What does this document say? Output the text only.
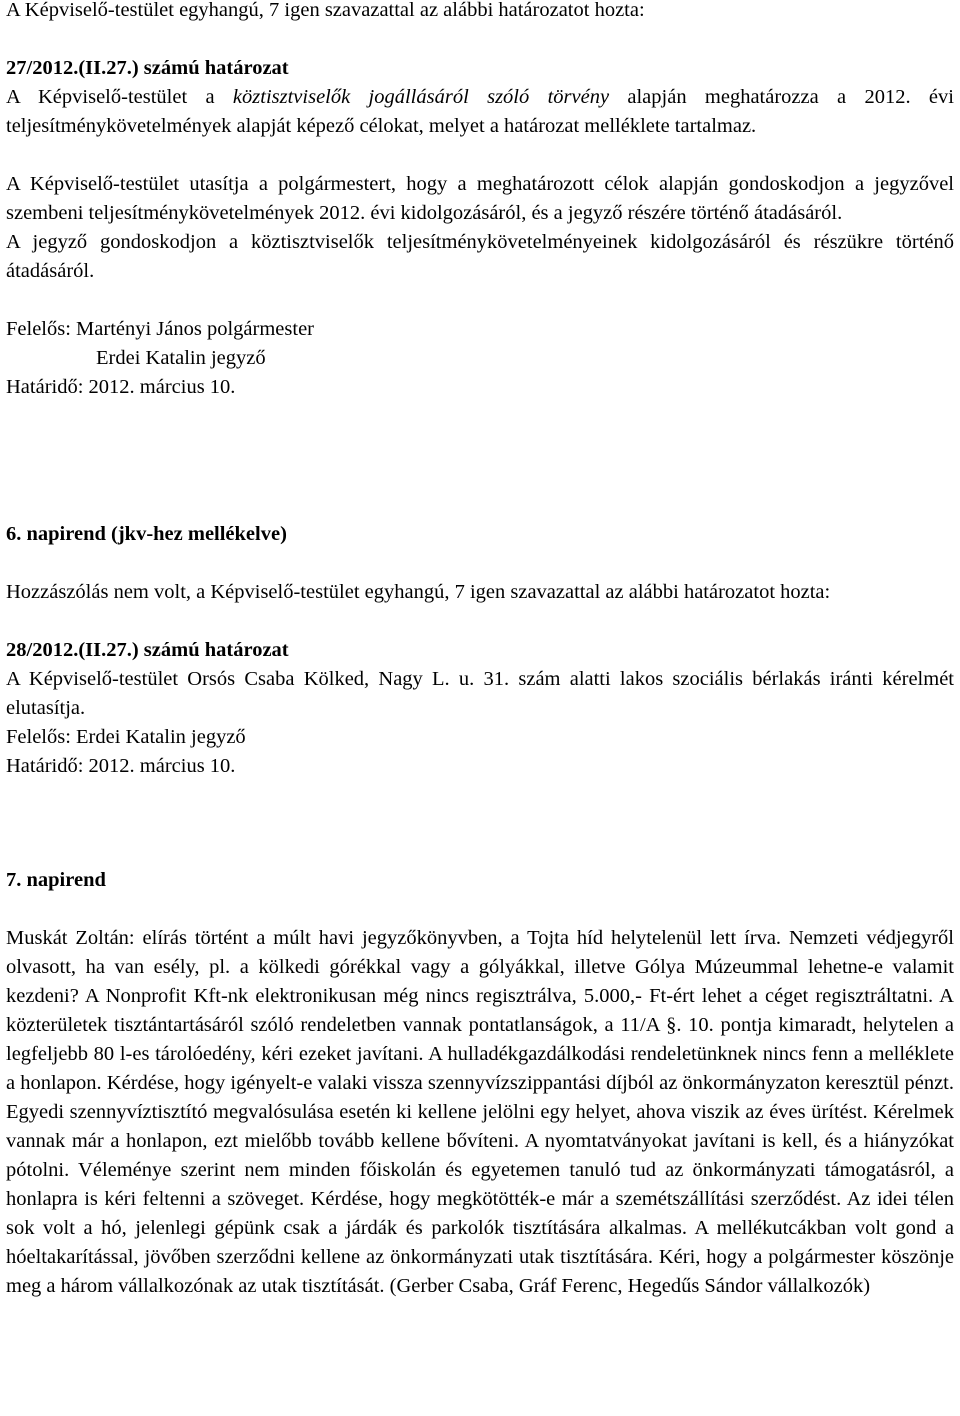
A Képviselő-testület egyhangú, 7 igen szavazattal az alábbi határozatot hozta:

27/2012.(II.27.) számú határozat

A Képviselő-testület a köztisztviselők jogállásáról szóló törvény alapján meghatározza a 2012. évi teljesítménykövetelmények alapját képező célokat, melyet a határozat melléklete tartalmaz.

A Képviselő-testület utasítja a polgármestert, hogy a meghatározott célok alapján gondoskodjon a jegyzővel szembeni teljesítménykövetelmények 2012. évi kidolgozásáról, és a jegyző részére történő átadásáról.

A jegyző gondoskodjon a köztisztviselők teljesítménykövetelményeinek kidolgozásáról és részükre történő átadásáról.

Felelős: Martényi János polgármester

Erdei Katalin jegyző

Határidő: 2012. március 10.

6. napirend (jkv-hez mellékelve)

Hozzászólás nem volt, a Képviselő-testület egyhangú, 7 igen szavazattal az alábbi határozatot hozta:

28/2012.(II.27.) számú határozat

A Képviselő-testület Orsós Csaba Kölked, Nagy L. u. 31. szám alatti lakos szociális bérlakás iránti kérelmét elutasítja.

Felelős: Erdei Katalin jegyző

Határidő: 2012. március 10.

7. napirend

Muskát Zoltán: elírás történt a múlt havi jegyzőkönyvben, a Tojta híd helytelenül lett írva. Nemzeti védjegyről olvasott, ha van esély, pl. a kölkedi górékkal vagy a gólyákkal, illetve Gólya Múzeummal lehetne-e valamit kezdeni? A Nonprofit Kft-nk elektronikusan még nincs regisztrálva, 5.000,- Ft-ért lehet a céget regisztráltatni. A közterületek tisztántartásáról szóló rendeletben vannak pontatlanságok, a 11/A §. 10. pontja kimaradt, helytelen a legfeljebb 80 l-es tárolóedény, kéri ezeket javítani. A hulladékgazdálkodási rendeletünknek nincs fenn a melléklete a honlapon. Kérdése, hogy igényelt-e valaki vissza szennyvízszippantási díjból az önkormányzaton keresztül pénzt. Egyedi szennyvíztisztító megvalósulása esetén ki kellene jelölni egy helyet, ahova viszik az éves ürítést. Kérelmek vannak már a honlapon, ezt mielőbb tovább kellene bővíteni. A nyomtatványokat javítani is kell, és a hiányzókat pótolni. Véleménye szerint nem minden főiskolán és egyetemen tanuló tud az önkormányzati támogatásról, a honlapra is kéri feltenni a szöveget. Kérdése, hogy megkötötték-e már a szemétszállítási szerződést. Az idei télen sok volt a hó, jelenlegi gépünk csak a járdák és parkolók tisztítására alkalmas. A mellékutcákban volt gond a hóeltakarítással, jövőben szerződni kellene az önkormányzati utak tisztítására. Kéri, hogy a polgármester köszönje meg a három vállalkozónak az utak tisztítását. (Gerber Csaba, Gráf Ferenc, Hegedűs Sándor vállalkozók)
